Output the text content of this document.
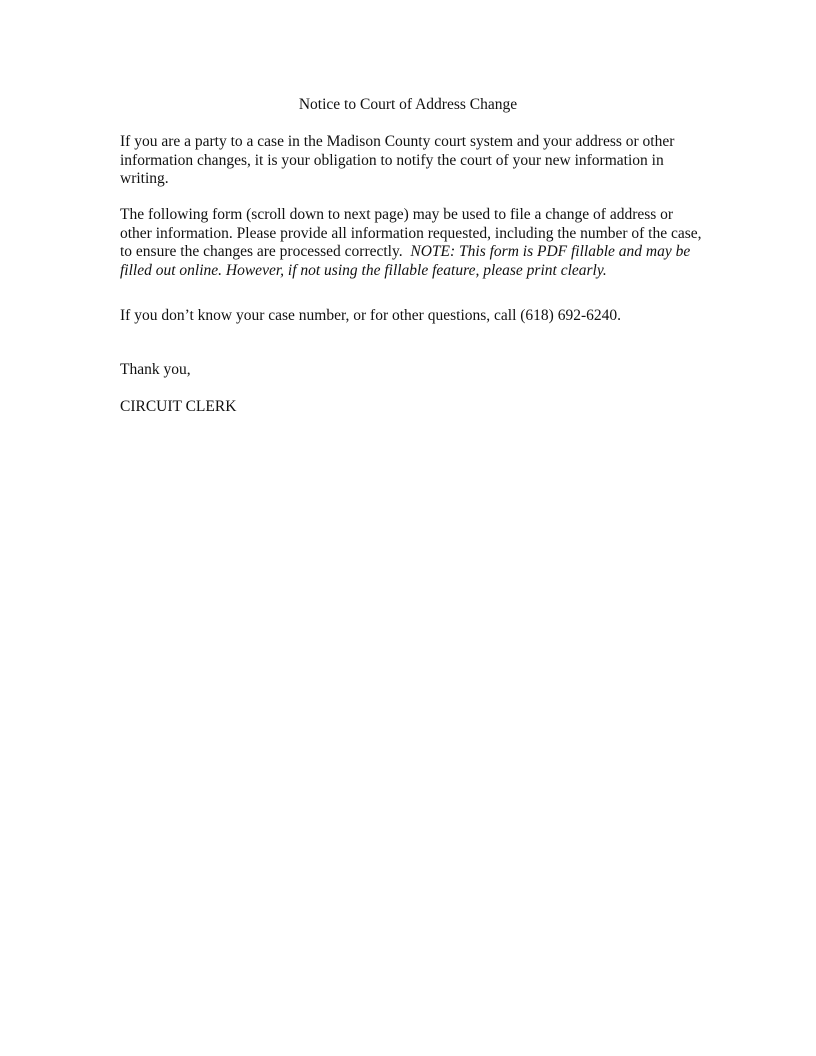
Notice to Court of Address Change

If you are a party to a case in the Madison County court system and your address or other information changes, it is your obligation to notify the court of your new information in writing.

The following form (scroll down to next page) may be used to file a change of address or other information. Please provide all information requested, including the number of the case, to ensure the changes are processed correctly. NOTE: This form is PDF fillable and may be filled out online. However, if not using the fillable feature, please print clearly.

If you don’t know your case number, or for other questions, call (618) 692-6240.

Thank you,

CIRCUIT CLERK
